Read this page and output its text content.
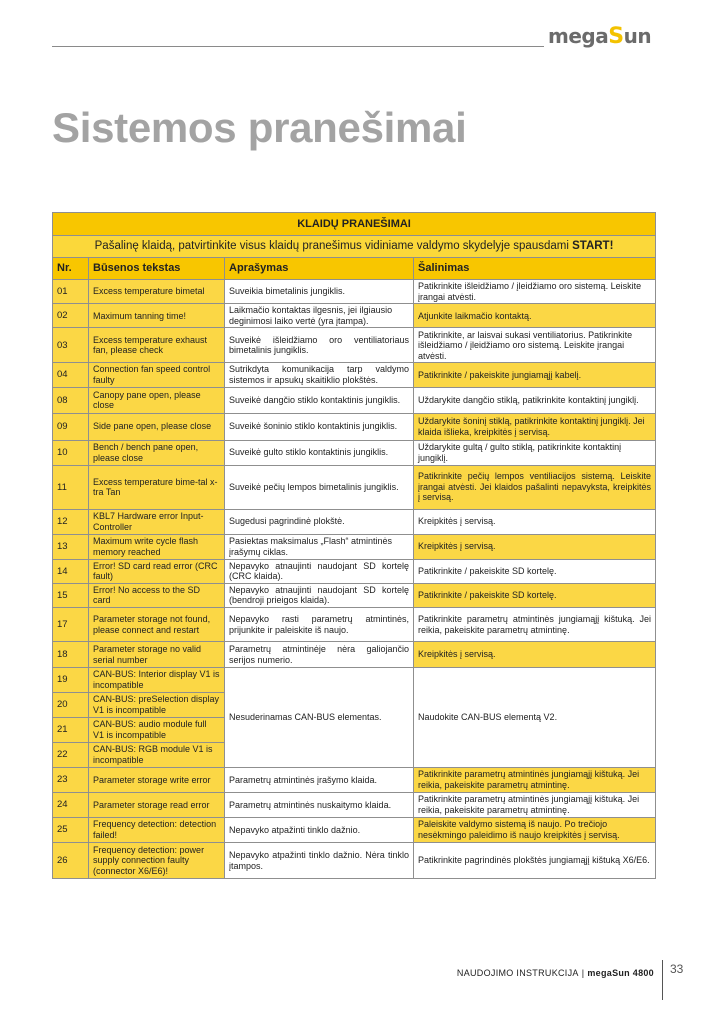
megaSun
Sistemos pranešimai
KLAIDŲ PRANEŠIMAI			
Pašalinę klaidą, patvirtinkite visus klaidų pranešimus vidiniame valdymo skydelyje spausdami START!			
Nr.	Būsenos tekstas	Aprašymas	Šalinimas
01	Excess temperature bimetal	Suveikia bimetalinis jungiklis.	Patikrinkite išleidžiamo / įleidžiamo oro sistemą. Leiskite įrangai atvėsti.
02	Maximum tanning time!	Laikmačio kontaktas ilgesnis, jei ilgiausio deginimosi laiko vertė (yra įtampa).	Atjunkite laikmačio kontaktą.
03	Excess temperature exhaust fan, please check	Suveikė išleidžiamo oro ventiliatoriaus bimetalinis jungiklis.	Patikrinkite, ar laisvai sukasi ventiliatorius. Patikrinkite išleidžiamo / įleidžiamo oro sistemą. Leiskite įrangai atvėsti.
04	Connection fan speed control faulty	Sutrikdyta komunikacija tarp valdymo sistemos ir apsukų skaitiklio plokštės.	Patikrinkite / pakeiskite jungiamąjį kabelį.
08	Canopy pane open, please close	Suveikė dangčio stiklo kontaktinis jungiklis.	Uždarykite dangčio stiklą, patikrinkite kontaktinį jungiklį.
09	Side pane open, please close	Suveikė šoninio stiklo kontaktinis jungiklis.	Uždarykite šoninį stiklą, patikrinkite kontaktinį jungiklį. Jei klaida išlieka, kreipkitės į servisą.
10	Bench / bench pane open, please close	Suveikė gulto stiklo kontaktinis jungiklis.	Uždarykite gultą / gulto stiklą, patikrinkite kontaktinį jungiklį.
11	Excess temperature bime-tal x-tra Tan	Suveikė pečių lempos bimetalinis jungiklis.	Patikrinkite pečių lempos ventiliacijos sistemą. Leiskite įrangai atvėsti. Jei klaidos pašalinti nepavyksta, kreipkitės į servisą.
12	KBL7 Hardware error Input-Controller	Sugedusi pagrindinė plokštė.	Kreipkitės į servisą.
13	Maximum write cycle flash memory reached	Pasiektas maksimalus „Flash“ atmintinės įrašymų ciklas.	Kreipkitės į servisą.
14	Error! SD card read error (CRC fault)	Nepavyko atnaujinti naudojant SD kortelę (CRC klaida).	Patikrinkite / pakeiskite SD kortelę.
15	Error! No access to the SD card	Nepavyko atnaujinti naudojant SD kortelę (bendroji prieigos klaida).	Patikrinkite / pakeiskite SD kortelę.
17	Parameter storage not found, please connect and restart	Nepavyko rasti parametrų atmintinės, prijunkite ir paleiskite iš naujo.	Patikrinkite parametrų atmintinės jungiamąjį kištuką. Jei reikia, pakeiskite parametrų atmintinę.
18	Parameter storage no valid serial number	Parametrų atmintinėje nėra galiojančio serijos numerio.	Kreipkitės į servisą.
19	CAN-BUS: Interior display V1 is incompatible	Nesuderinamas CAN-BUS elementas.	Naudokite CAN-BUS elementą V2.
20	CAN-BUS: preSelection display V1 is incompatible		
21	CAN-BUS: audio module full V1 is incompatible		
22	CAN-BUS: RGB module V1 is incompatible		
23	Parameter storage write error	Parametrų atmintinės įrašymo klaida.	Patikrinkite parametrų atmintinės jungiamąjį kištuką. Jei reikia, pakeiskite parametrų atmintinę.
24	Parameter storage read error	Parametrų atmintinės nuskaitymo klaida.	Patikrinkite parametrų atmintinės jungiamąjį kištuką. Jei reikia, pakeiskite parametrų atmintinę.
25	Frequency detection: detection failed!	Nepavyko atpažinti tinklo dažnio.	Paleiskite valdymo sistemą iš naujo. Po trečiojo nesėkmingo paleidimo iš naujo kreipkitės į servisą.
26	Frequency detection: power supply connection faulty (connector X6/E6)!	Nepavyko atpažinti tinklo dažnio. Nėra tinklo įtampos.	Patikrinkite pagrindinės plokštės jungiamąjį kištuką X6/E6.
NAUDOJIMO INSTRUKCIJA | megaSun 4800 33
